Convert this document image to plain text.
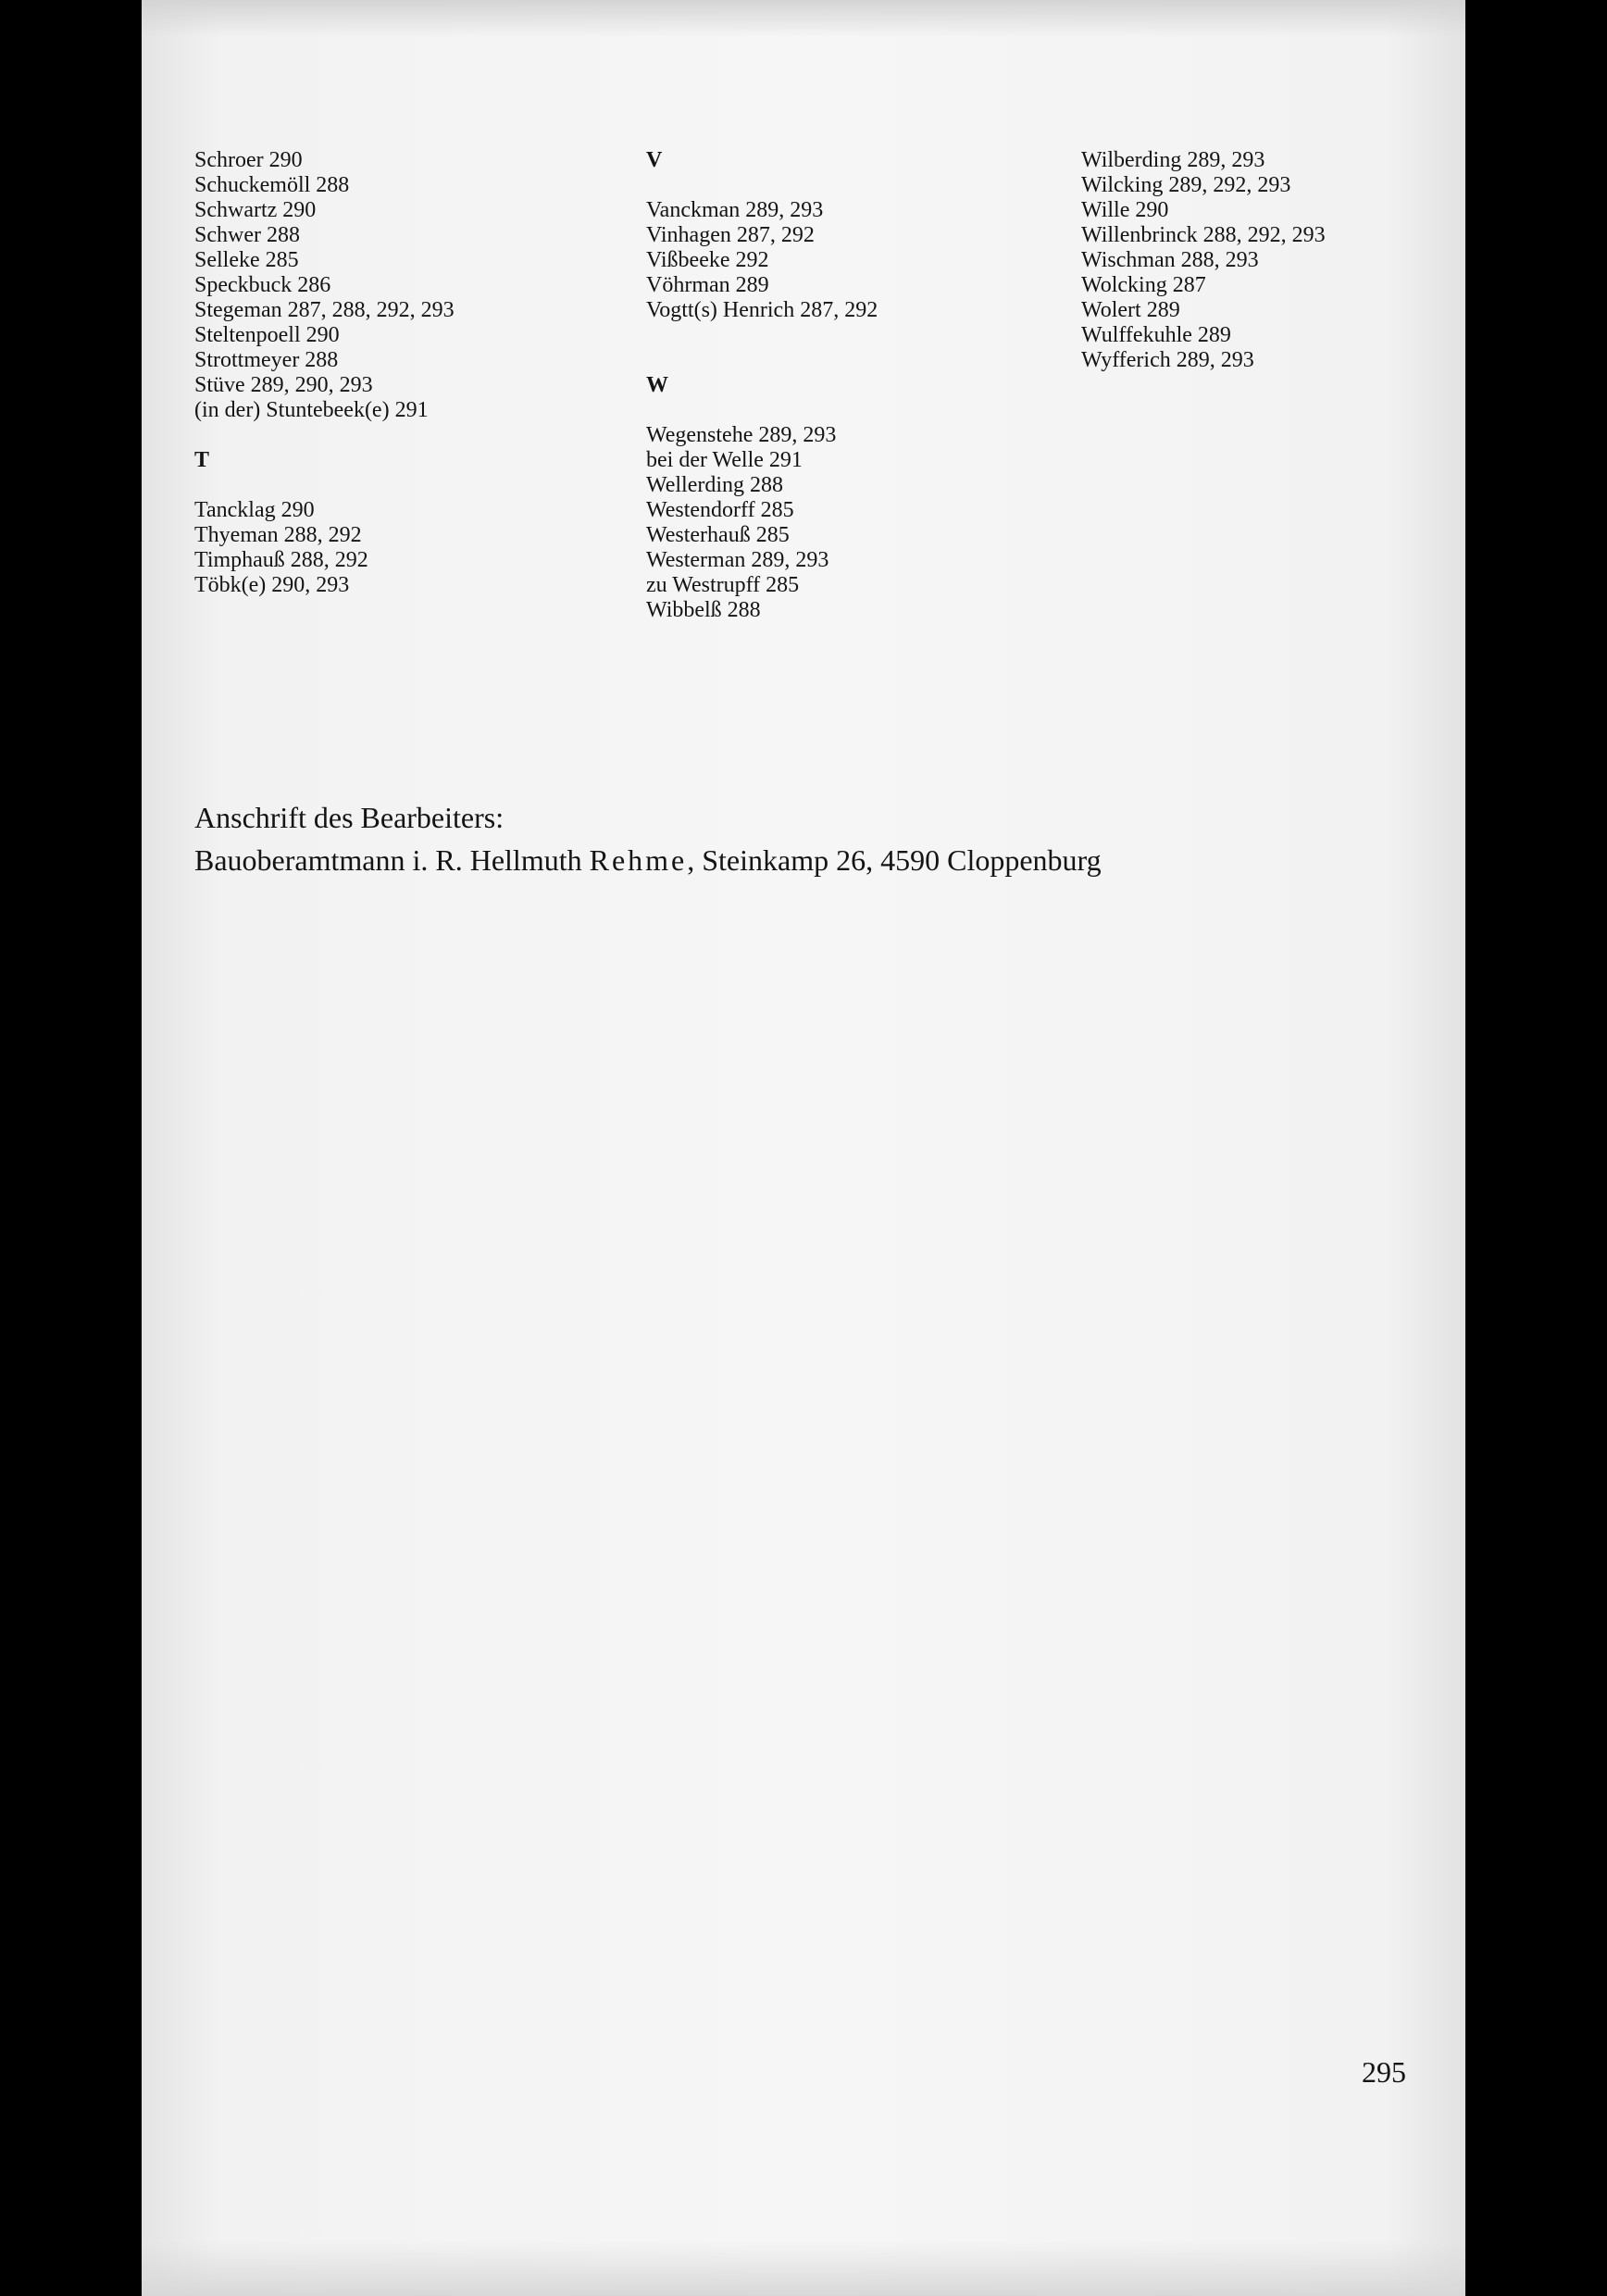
Schroer 290
Schuckemöll 288
Schwartz 290
Schwer 288
Selleke 285
Speckbuck 286
Stegeman 287, 288, 292, 293
Steltenpoell 290
Strottmeyer 288
Stüve 289, 290, 293
(in der) Stuntebeek(e) 291
T
Tancklag 290
Thyeman 288, 292
Timphauß 288, 292
Töbk(e) 290, 293
V
Vanckman 289, 293
Vinhagen 287, 292
Vißbeeke 292
Vöhrman 289
Vogtt(s) Henrich 287, 292
W
Wegenstehe 289, 293
bei der Welle 291
Wellerding 288
Westendorff 285
Westerhauß 285
Westerman 289, 293
zu Westrupff 285
Wibbelß 288
Wilberding 289, 293
Wilcking 289, 292, 293
Wille 290
Willenbrinck 288, 292, 293
Wischman 288, 293
Wolcking 287
Wolert 289
Wulffekuhle 289
Wyfferich 289, 293
Anschrift des Bearbeiters:
Bauoberamtmann i. R. Hellmuth Rehme, Steinkamp 26, 4590 Cloppenburg
295
